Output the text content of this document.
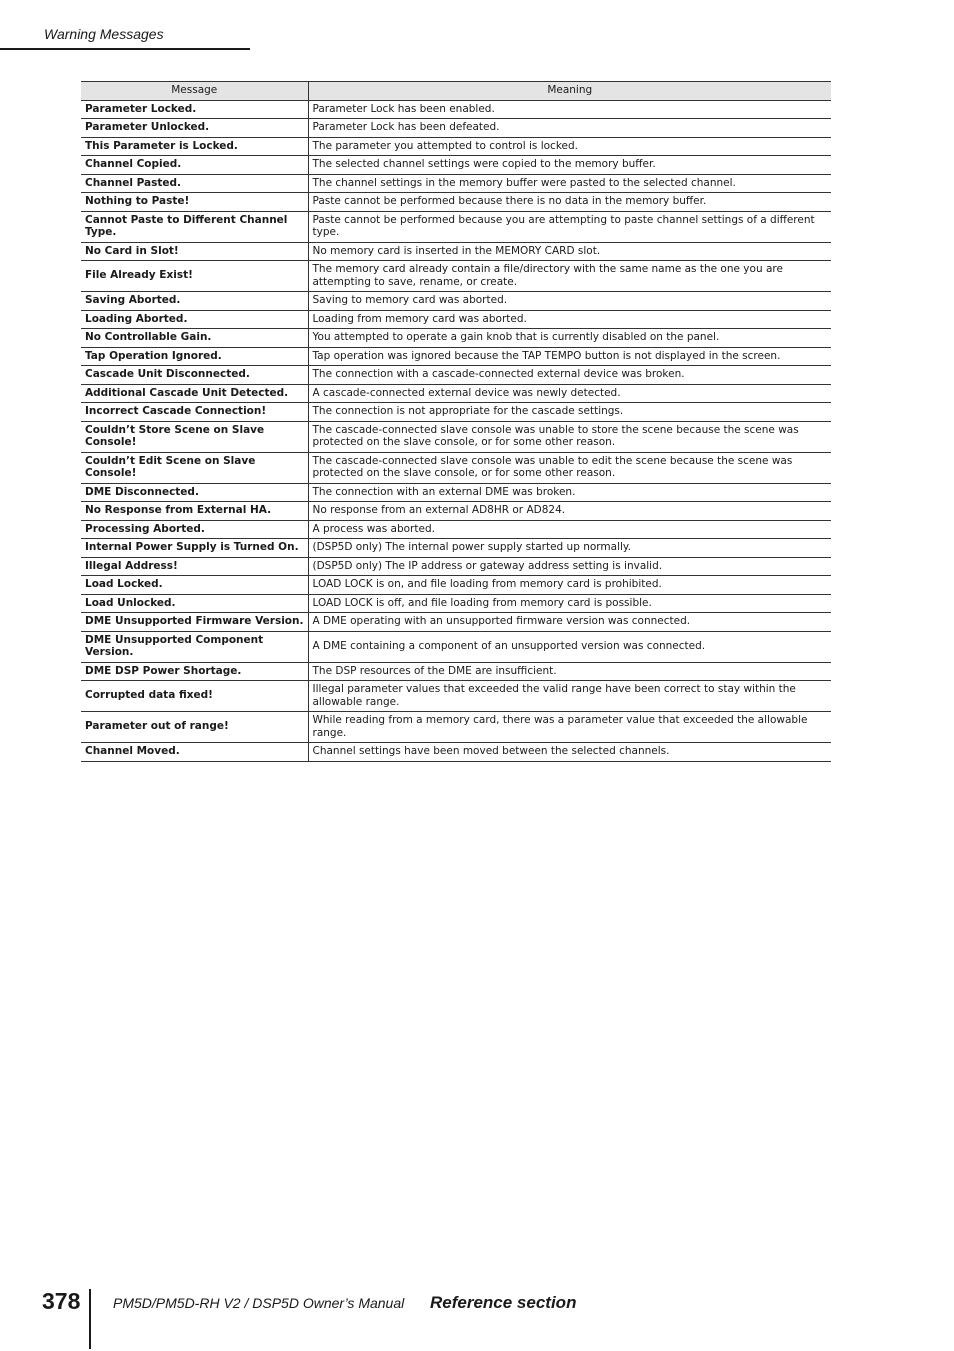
Warning Messages
Message	Meaning
Parameter Locked.	Parameter Lock has been enabled.
Parameter Unlocked.	Parameter Lock has been defeated.
This Parameter is Locked.	The parameter you attempted to control is locked.
Channel Copied.	The selected channel settings were copied to the memory buffer.
Channel Pasted.	The channel settings in the memory buffer were pasted to the selected channel.
Nothing to Paste!	Paste cannot be performed because there is no data in the memory buffer.
Cannot Paste to Different Channel Type.	Paste cannot be performed because you are attempting to paste channel settings of a different type.
No Card in Slot!	No memory card is inserted in the MEMORY CARD slot.
File Already Exist!	The memory card already contain a file/directory with the same name as the one you are attempting to save, rename, or create.
Saving Aborted.	Saving to memory card was aborted.
Loading Aborted.	Loading from memory card was aborted.
No Controllable Gain.	You attempted to operate a gain knob that is currently disabled on the panel.
Tap Operation Ignored.	Tap operation was ignored because the TAP TEMPO button is not displayed in the screen.
Cascade Unit Disconnected.	The connection with a cascade-connected external device was broken.
Additional Cascade Unit Detected.	A cascade-connected external device was newly detected.
Incorrect Cascade Connection!	The connection is not appropriate for the cascade settings.
Couldn’t Store Scene on Slave Console!	The cascade-connected slave console was unable to store the scene because the scene was protected on the slave console, or for some other reason.
Couldn’t Edit Scene on Slave Console!	The cascade-connected slave console was unable to edit the scene because the scene was protected on the slave console, or for some other reason.
DME Disconnected.	The connection with an external DME was broken.
No Response from External HA.	No response from an external AD8HR or AD824.
Processing Aborted.	A process was aborted.
Internal Power Supply is Turned On.	(DSP5D only) The internal power supply started up normally.
Illegal Address!	(DSP5D only) The IP address or gateway address setting is invalid.
Load Locked.	LOAD LOCK is on, and file loading from memory card is prohibited.
Load Unlocked.	LOAD LOCK is off, and file loading from memory card is possible.
DME Unsupported Firmware Version.	A DME operating with an unsupported firmware version was connected.
DME Unsupported Component Version.	A DME containing a component of an unsupported version was connected.
DME DSP Power Shortage.	The DSP resources of the DME are insufficient.
Corrupted data fixed!	Illegal parameter values that exceeded the valid range have been correct to stay within the allowable range.
Parameter out of range!	While reading from a memory card, there was a parameter value that exceeded the allowable range.
Channel Moved.	Channel settings have been moved between the selected channels.
378 PM5D/PM5D-RH V2 / DSP5D Owner’s Manual Reference section
